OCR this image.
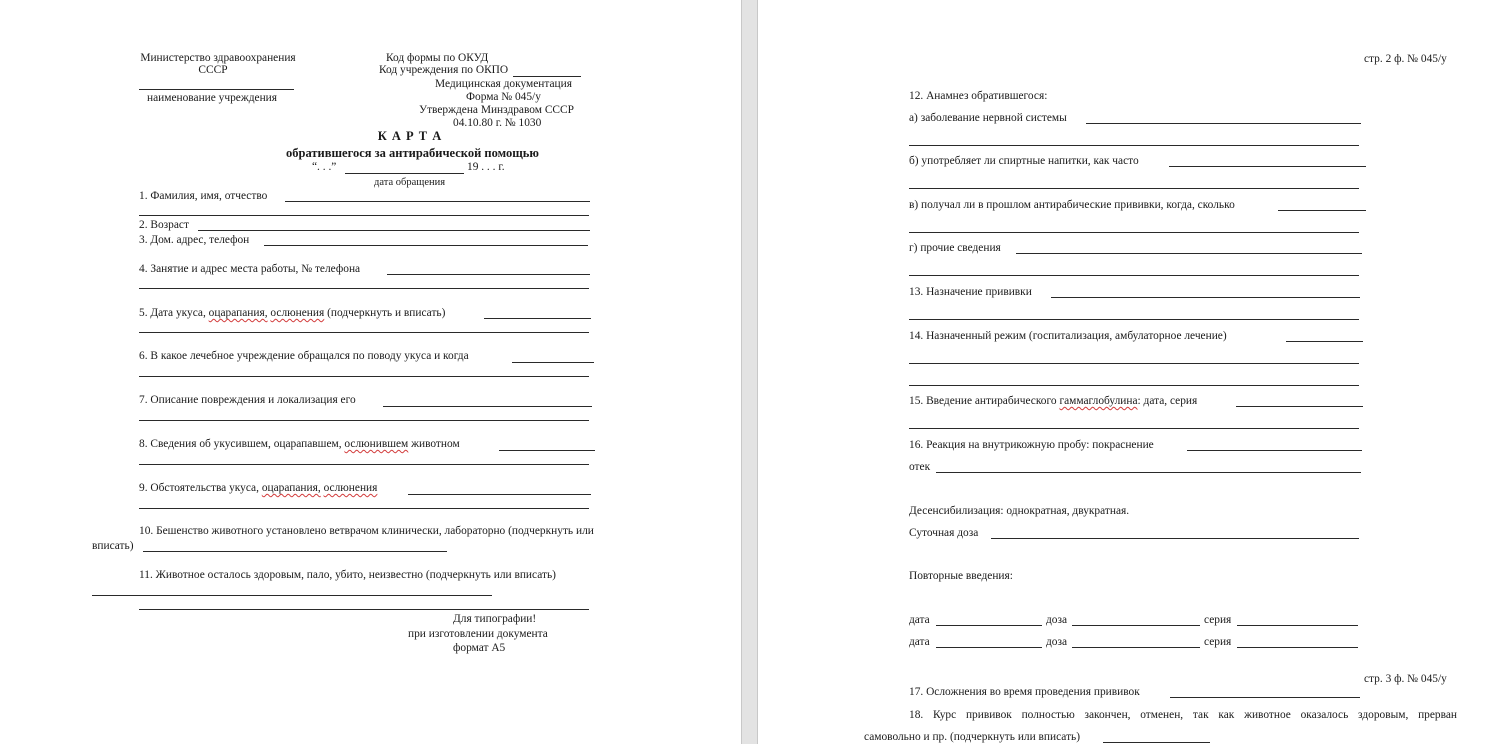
Министерство здравоохранения
СССР
наименование учреждения
Код формы по ОКУД
Код учреждения по ОКПО
Медицинская документация
Форма № 045/у
Утверждена Минздравом СССР
04.10.80 г. № 1030
К А Р Т А
обратившегося за антирабической помощью
“. . .”	19 . . . г.
дата обращения
1. Фамилия, имя, отчество
2. Возраст
3. Дом. адрес, телефон
4. Занятие и адрес места работы, № телефона
5. Дата укуса, оцарапания, ослюнения (подчеркнуть и вписать)
6. В какое лечебное учреждение обращался по поводу укуса и когда
7. Описание повреждения и локализация его
8. Сведения об укусившем, оцарапавшем, ослюнившем животном
9. Обстоятельства укуса, оцарапания, ослюнения
10. Бешенство животного установлено ветврачом клинически, лабораторно (подчеркнуть или
вписать)
11. Животное осталось здоровым, пало, убито, неизвестно (подчеркнуть или вписать)
Для типографии!
при изготовлении документа
формат А5
стр. 2 ф. № 045/у
12. Анамнез обратившегося:
а) заболевание нервной системы
б) употребляет ли спиртные напитки, как часто
в) получал ли в прошлом антирабические прививки, когда, сколько
г) прочие сведения
13. Назначение прививки
14. Назначенный режим (госпитализация, амбулаторное лечение)
15. Введение антирабического гаммаглобулина: дата, серия
16. Реакция на внутрикожную пробу: покраснение
отек
Десенсибилизация: однократная, двукратная.
Суточная доза
Повторные введения:
дата	доза	серия
дата	доза	серия
стр. 3 ф. № 045/у
17. Осложнения во время проведения прививок
18. Курс прививок полностью закончен, отменен, так как животное оказалось здоровым, прерван
самовольно и пр. (подчеркнуть или вписать)
